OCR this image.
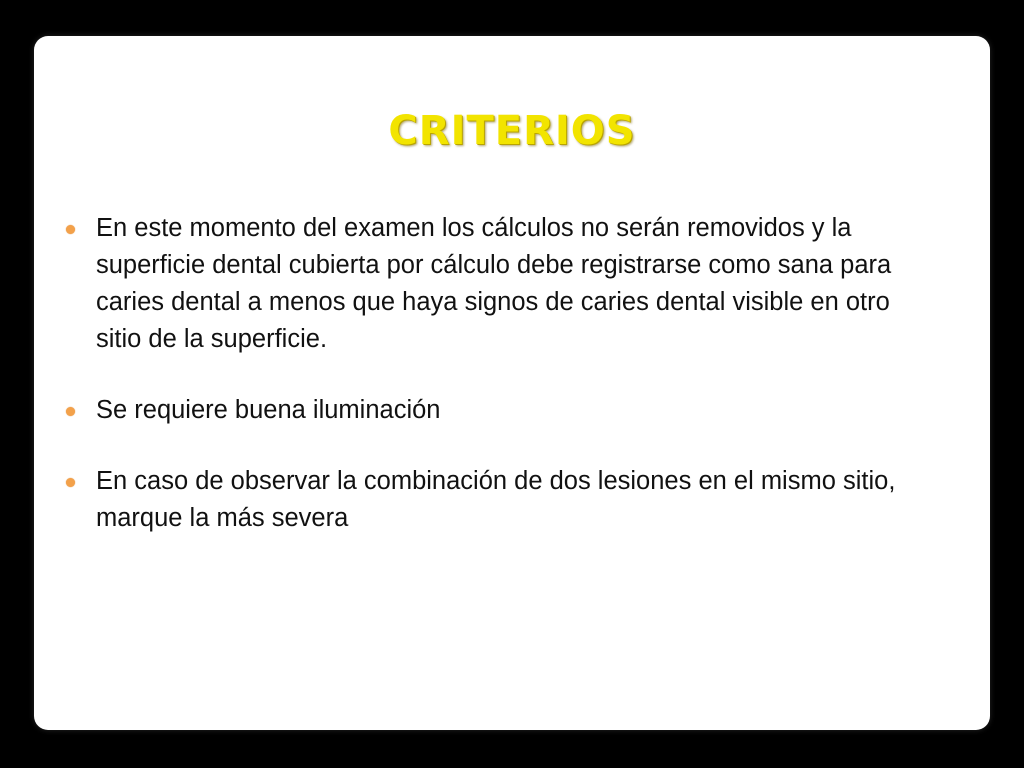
CRITERIOS
En este momento del examen los cálculos no serán removidos y la superficie dental cubierta por cálculo debe registrarse como sana para caries dental a menos que haya signos de caries dental visible en otro sitio de la superficie.
Se requiere buena iluminación
En caso de observar la combinación de dos lesiones en el mismo sitio, marque la más severa
